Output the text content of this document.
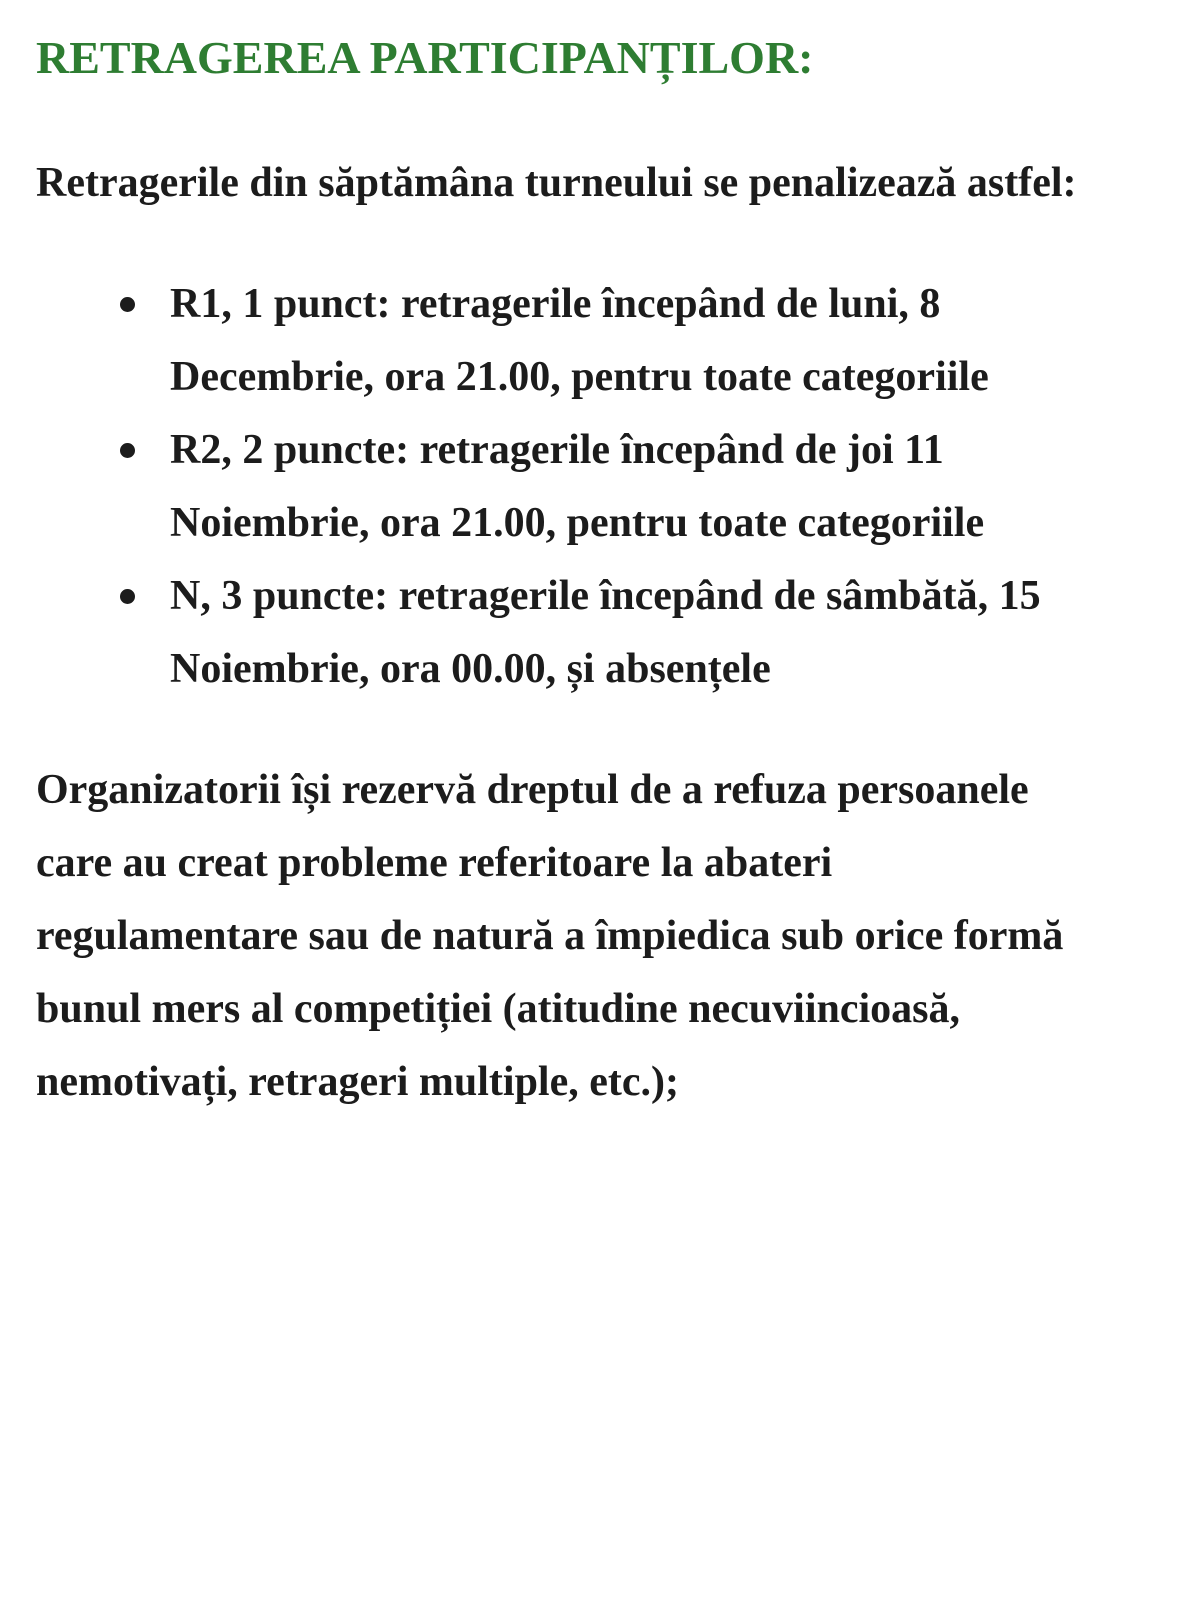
RETRAGEREA PARTICIPANȚILOR:

Retragerile din săptămâna turneului se penalizează astfel:

R1, 1 punct: retragerile începând de luni, 8 Decembrie, ora 21.00, pentru toate categoriile
R2, 2 puncte: retragerile începând de joi 11 Noiembrie, ora 21.00, pentru toate categoriile
N, 3 puncte: retragerile începând de sâmbătă, 15 Noiembrie, ora 00.00, și absențele

Organizatorii își rezervă dreptul de a refuza persoanele care au creat probleme referitoare la abateri regulamentare sau de natură a împiedica sub orice formă bunul mers al competiției (atitudine necuviincioasă, nemotivați, retrageri multiple, etc.);
